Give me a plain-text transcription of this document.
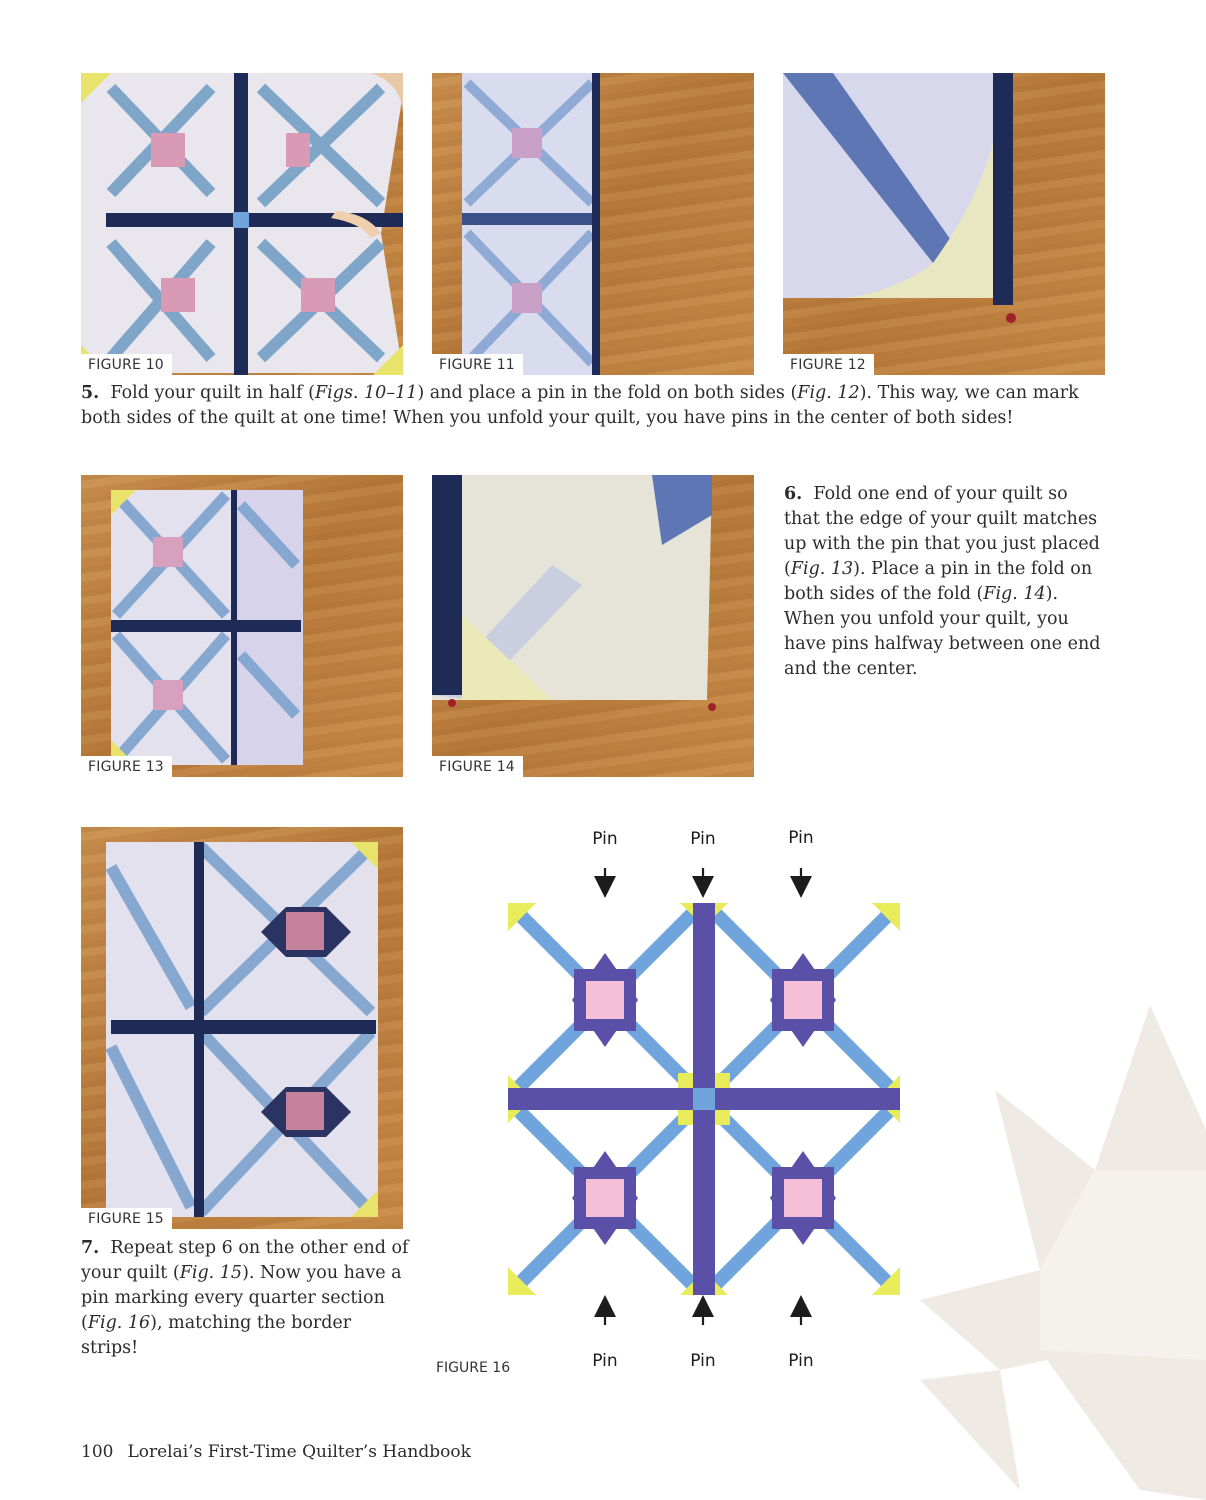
FIGURE 10	FIGURE 11	FIGURE 12
5. Fold your quilt in half (Figs. 10–11) and place a pin in the fold on both sides (Fig. 12). This way, we can mark both sides of the quilt at one time! When you unfold your quilt, you have pins in the center of both sides!
FIGURE 13	FIGURE 14
6. Fold one end of your quilt so that the edge of your quilt matches up with the pin that you just placed (Fig. 13). Place a pin in the fold on both sides of the fold (Fig. 14). When you unfold your quilt, you have pins halfway between one end and the center.
FIGURE 15
7. Repeat step 6 on the other end of your quilt (Fig. 15). Now you have a pin marking every quarter section (Fig. 16), matching the border strips!
Pin	Pin	Pin
Pin	Pin	Pin
FIGURE 16
100 Lorelai’s First-Time Quilter’s Handbook
